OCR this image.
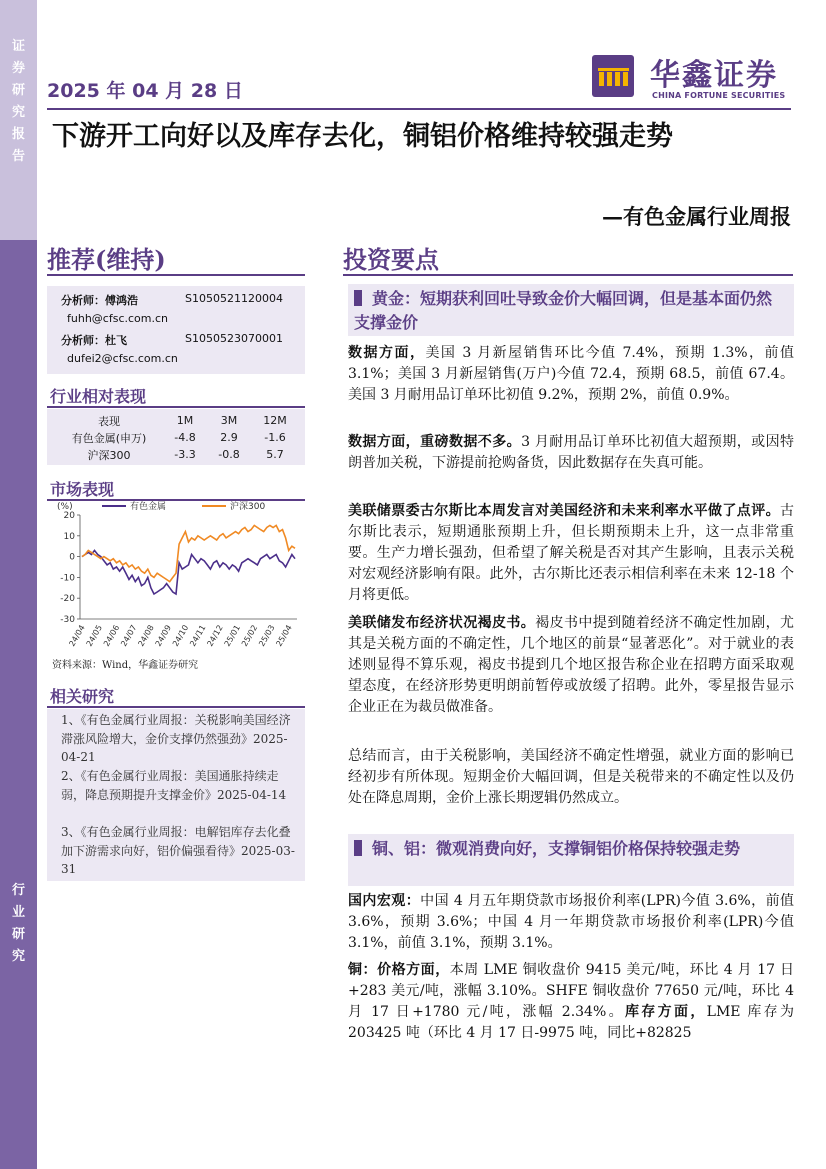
证券研究报告
行业研究
2025 年 04 月 28 日	华鑫证券
CHINA FORTUNE SECURITIES
下游开工向好以及库存去化，铜铝价格维持较强走势
—有色金属行业周报
推荐(维持)
分析师：傅鸿浩	S1050521120004
fuhh@cfsc.com.cn
分析师：杜飞	S1050523070001
dufei2@cfsc.com.cn
行业相对表现
表现	1M	3M	12M
有色金属(申万)	-4.8	2.9	-1.6
沪深300	-3.3	-0.8	5.7
市场表现
(%)
20
10
0
-10
-20
-30
24/04
24/05
24/06
24/07
24/08
24/09
24/10
24/11
24/12
25/01
25/02
25/03
25/04
有色金属	沪深300
资料来源：Wind，华鑫证券研究
相关研究
1、《有色金属行业周报：关税影响美国经济滞涨风险增大，金价支撑仍然强劲》2025-04-21
2、《有色金属行业周报：美国通胀持续走弱，降息预期提升支撑金价》2025-04-14
3、《有色金属行业周报：电解铝库存去化叠加下游需求向好，铝价偏强看待》2025-03-31
投资要点
黄金：短期获利回吐导致金价大幅回调，但是基本面仍然支撑金价
数据方面，美国 3 月新屋销售环比今值 7.4%，预期 1.3%，前值 3.1%；美国 3 月新屋销售(万户)今值 72.4，预期 68.5，前值 67.4。美国 3 月耐用品订单环比初值 9.2%，预期 2%，前值 0.9%。
数据方面，重磅数据不多。3 月耐用品订单环比初值大超预期，或因特朗普加关税，下游提前抢购备货，因此数据存在失真可能。
美联储票委古尔斯比本周发言对美国经济和未来利率水平做了点评。古尔斯比表示，短期通胀预期上升，但长期预期未上升，这一点非常重要。生产力增长强劲，但希望了解关税是否对其产生影响，且表示关税对宏观经济影响有限。此外，古尔斯比还表示相信利率在未来 12-18 个月将更低。
美联储发布经济状况褐皮书。褐皮书中提到随着经济不确定性加剧，尤其是关税方面的不确定性，几个地区的前景“显著恶化”。对于就业的表述则显得不算乐观，褐皮书提到几个地区报告称企业在招聘方面采取观望态度，在经济形势更明朗前暂停或放缓了招聘。此外，零星报告显示企业正在为裁员做准备。
总结而言，由于关税影响，美国经济不确定性增强，就业方面的影响已经初步有所体现。短期金价大幅回调，但是关税带来的不确定性以及仍处在降息周期，金价上涨长期逻辑仍然成立。
铜、铝：微观消费向好，支撑铜铝价格保持较强走势
国内宏观：中国 4 月五年期贷款市场报价利率(LPR)今值 3.6%，前值 3.6%，预期 3.6%；中国 4 月一年期贷款市场报价利率(LPR)今值 3.1%，前值 3.1%，预期 3.1%。
铜：价格方面，本周 LME 铜收盘价 9415 美元/吨，环比 4 月 17 日+283 美元/吨，涨幅 3.10%。SHFE 铜收盘价 77650 元/吨，环比 4 月 17 日+1780 元/吨，涨幅 2.34%。库存方面，LME 库存为 203425 吨（环比 4 月 17 日-9975 吨，同比+82825
